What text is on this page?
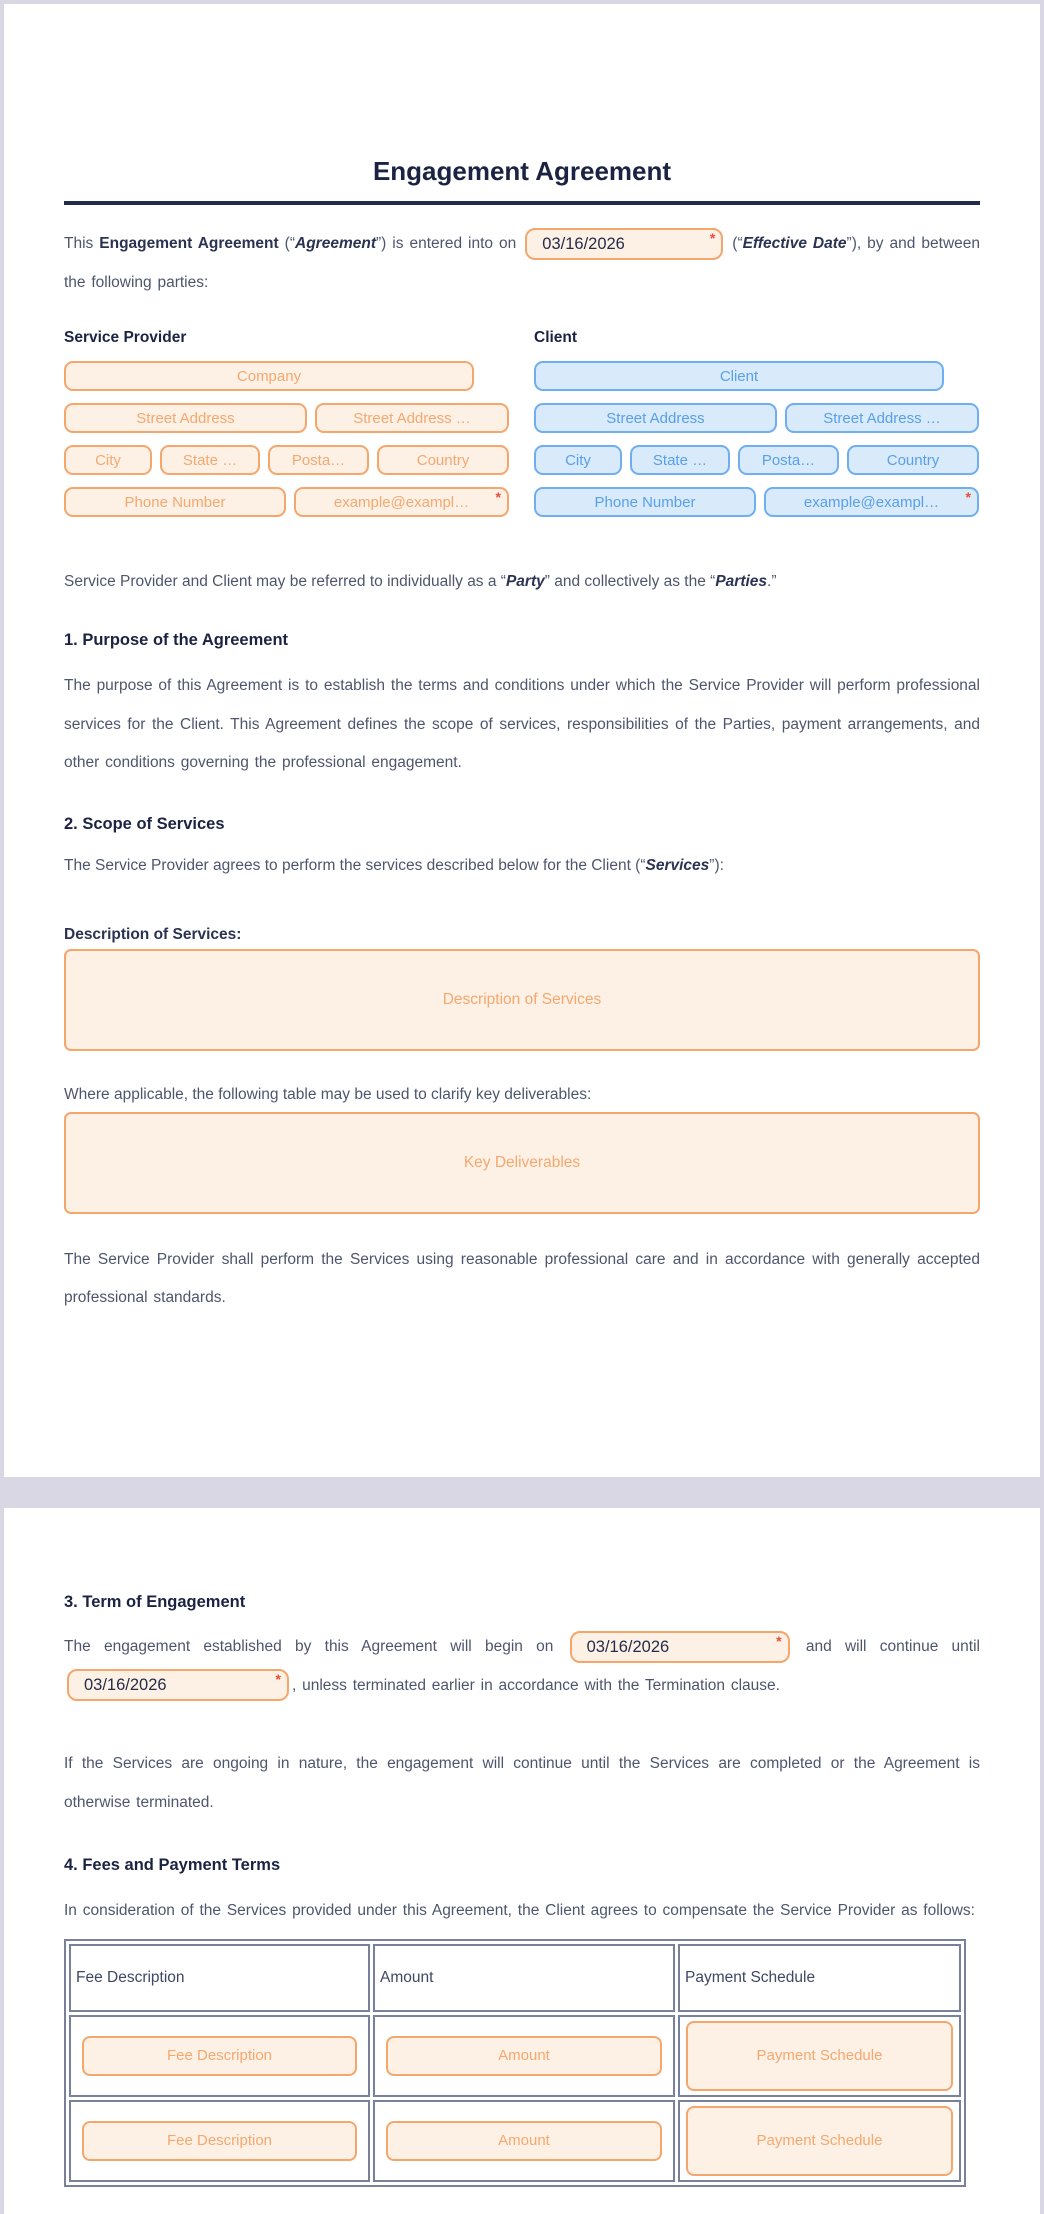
Engagement Agreement

This Engagement Agreement (“Agreement”) is entered into on 03/16/2026	* (“Effective Date”), by and between the following parties:

Service Provider
Company
Street Address	Street Address …
City	State …	Posta…	Country
Phone Number	example@exampl… *
Client
Client
Street Address	Street Address …
City	State …	Posta…	Country
Phone Number	example@exampl… *

Service Provider and Client may be referred to individually as a “Party” and collectively as the “Parties.”

1. Purpose of the Agreement

The purpose of this Agreement is to establish the terms and conditions under which the Service Provider will perform professional services for the Client. This Agreement defines the scope of services, responsibilities of the Parties, payment arrangements, and other conditions governing the professional engagement.

2. Scope of Services

The Service Provider agrees to perform the services described below for the Client (“Services”):

Description of Services:
Description of Services

Where applicable, the following table may be used to clarify key deliverables:

Key Deliverables

The Service Provider shall perform the Services using reasonable professional care and in accordance with generally accepted professional standards.

3. Term of Engagement

The engagement established by this Agreement will begin on 03/16/2026	* and will continue until
03/16/2026	* , unless terminated earlier in accordance with the Termination clause.

If the Services are ongoing in nature, the engagement will continue until the Services are completed or the Agreement is otherwise terminated.

4. Fees and Payment Terms

In consideration of the Services provided under this Agreement, the Client agrees to compensate the Service Provider as follows:

Fee Description	Amount	Payment Schedule

Fee Description	Amount	Payment Schedule

Fee Description	Amount	Payment Schedule
